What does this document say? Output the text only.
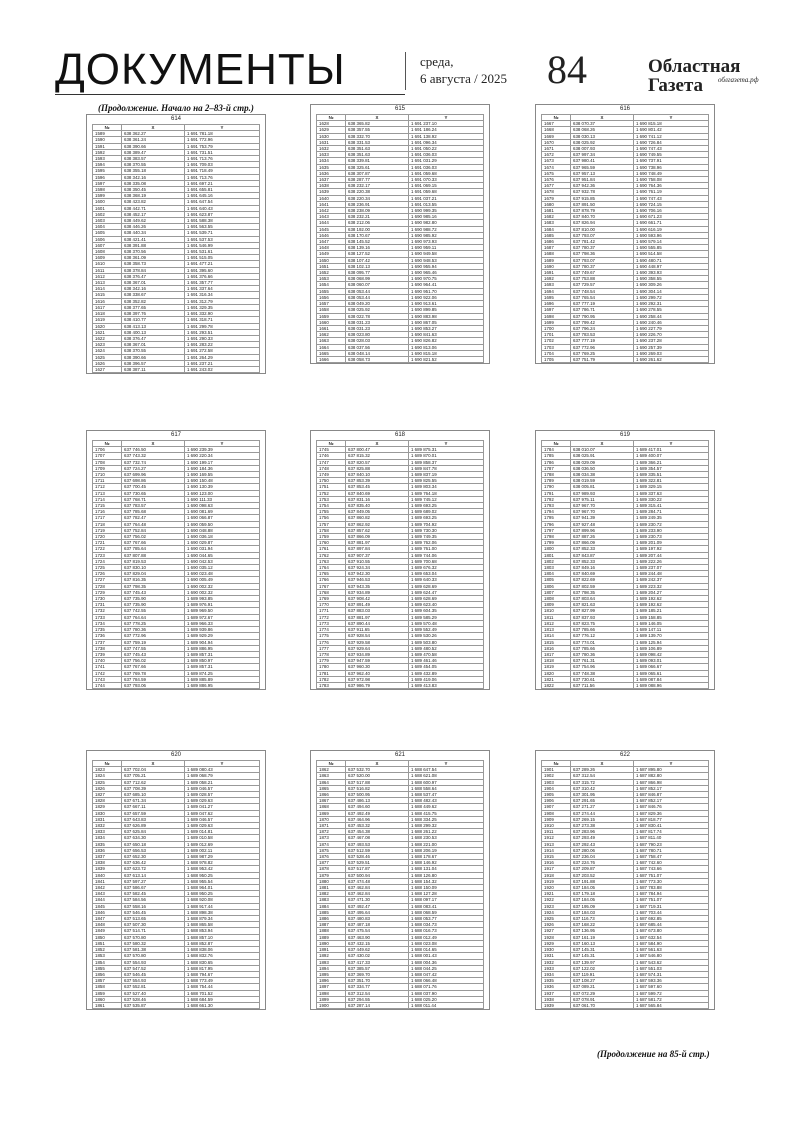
ДОКУМЕНТЫ	среда,
6 августа / 2025 84	Областная
Газета	облгазета.рф
(Продолжение. Начало на 2–83-й стр.)
(Продолжение на 85-й стр.)
614
№	X	Y
1589	638 362.27	1 691 781.18
1590	638 361.24	1 691 772.96
1591	638 390.66	1 691 753.79
1592	638 389.47	1 691 731.51
1593	638 383.57	1 691 713.76
1594	638 370.55	1 691 709.03
1595	638 355.18	1 691 718.49
1596	638 342.16	1 691 713.76
1597	638 335.08	1 691 697.21
1598	638 350.45	1 691 655.81
1599	638 368.19	1 691 645.16
1600	638 423.82	1 691 647.54
1601	638 442.71	1 691 640.43
1602	638 452.17	1 691 623.87
1603	638 449.62	1 691 588.38
1604	638 446.26	1 691 563.55
1605	638 440.34	1 691 539.71
1606	638 421.41	1 691 537.53
1607	638 391.88	1 691 546.99
1608	638 370.56	1 691 531.61
1609	638 361.09	1 691 515.05
1610	638 358.73	1 691 477.21
1611	638 378.84	1 691 395.60
1612	638 376.47	1 691 376.66
1613	638 367.01	1 691 357.77
1614	638 342.16	1 691 337.64
1615	638 338.67	1 691 316.34
1616	638 352.82	1 691 312.79
1617	638 377.65	1 691 329.35
1618	638 397.76	1 691 332.90
1619	638 410.77	1 691 318.71
1620	638 413.13	1 691 299.78
1621	638 400.13	1 691 293.51
1622	638 376.47	1 691 290.33
1623	638 367.01	1 691 283.22
1624	638 370.55	1 691 272.58
1625	638 390.66	1 691 264.29
1626	638 396.57	1 691 237.21
1627	638 387.11	1 691 243.02
615
№	X	Y
1628	638 365.82	1 691 237.10
1629	638 357.55	1 691 186.24
1630	638 332.70	1 691 138.92
1631	638 331.53	1 691 096.34
1632	638 351.63	1 691 050.22
1633	638 351.63	1 691 036.03
1634	638 339.81	1 691 031.29
1635	638 325.61	1 691 036.03
1636	638 307.87	1 691 059.68
1637	638 287.77	1 691 070.33
1638	638 232.17	1 691 069.15
1639	638 220.38	1 691 059.68
1640	638 220.34	1 691 037.21
1641	638 236.91	1 691 013.55
1642	638 238.09	1 690 999.35
1643	638 232.21	1 690 985.16
1644	638 212.06	1 690 982.80
1645	638 192.00	1 690 988.72
1646	638 170.67	1 690 985.92
1647	638 145.52	1 690 973.93
1648	638 139.16	1 690 959.11
1649	638 127.52	1 690 949.58
1650	638 107.42	1 690 948.53
1651	638 102.13	1 690 955.94
1652	638 095.77	1 690 965.46
1653	638 068.99	1 690 970.75
1654	638 060.07	1 690 964.41
1655	638 053.44	1 690 951.70
1656	638 053.44	1 690 922.06
1657	638 049.20	1 690 913.61
1658	638 025.92	1 690 899.85
1659	638 022.78	1 690 883.98
1660	638 031.23	1 690 867.05
1661	638 031.23	1 690 853.27
1662	638 023.80	1 690 841.63
1663	638 028.03	1 690 826.82
1664	638 037.56	1 690 813.06
1665	638 048.14	1 690 815.18
1666	638 058.73	1 690 821.52
616
№	X	Y
1667	638 070.37	1 690 815.18
1668	638 068.26	1 690 801.42
1669	638 030.13	1 690 741.12
1670	638 025.92	1 690 726.84
1671	638 007.93	1 690 747.43
1672	637 997.34	1 690 749.55
1673	637 980.41	1 690 737.91
1674	637 965.59	1 690 738.96
1675	637 957.13	1 690 748.49
1676	637 951.84	1 690 758.08
1677	637 942.36	1 690 764.36
1678	637 932.78	1 690 761.19
1679	637 915.85	1 690 747.43
1680	637 891.50	1 690 724.15
1681	637 878.79	1 690 706.16
1682	637 840.70	1 690 671.23
1683	637 826.94	1 690 661.71
1684	637 810.00	1 690 616.19
1685	637 793.07	1 690 593.96
1686	637 781.42	1 690 579.14
1687	637 780.37	1 690 555.85
1688	637 798.36	1 690 514.58
1689	637 793.07	1 690 480.71
1690	637 780.37	1 690 448.97
1691	637 749.67	1 690 393.93
1692	637 753.88	1 690 358.55
1693	637 729.57	1 690 309.26
1694	637 748.54	1 690 304.14
1695	637 765.54	1 690 299.72
1696	637 777.19	1 690 292.31
1697	637 786.71	1 690 278.55
1698	637 790.95	1 690 258.44
1699	637 799.42	1 690 240.46
1700	637 796.24	1 690 227.79
1701	637 783.53	1 690 226.70
1702	637 777.19	1 690 237.28
1703	637 772.96	1 690 257.39
1704	637 769.25	1 690 269.03
1705	637 751.79	1 690 261.62
617
№	X	Y
1706	637 746.50	1 690 239.39
1707	637 743.32	1 690 220.34
1708	637 732.74	1 690 199.17
1709	637 724.27	1 690 184.36
1710	637 699.96	1 690 169.55
1711	637 698.86	1 690 150.48
1712	637 700.45	1 690 130.39
1713	637 730.65	1 690 123.00
1714	637 768.71	1 690 111.33
1715	637 783.57	1 690 098.63
1716	637 785.68	1 690 081.69
1717	637 782.47	1 690 066.87
1718	637 764.48	1 690 059.50
1719	637 752.84	1 690 048.88
1720	637 756.02	1 690 036.18
1721	637 767.66	1 690 029.87
1722	637 785.64	1 690 031.94
1723	637 807.88	1 690 044.65
1724	637 819.53	1 690 042.53
1725	637 830.10	1 690 035.12
1726	637 829.04	1 690 023.48
1727	637 816.35	1 690 005.49
1728	637 798.35	1 690 002.32
1729	637 745.43	1 690 002.32
1730	637 735.90	1 689 993.85
1731	637 735.90	1 689 976.91
1732	637 742.55	1 689 969.50
1733	637 764.64	1 689 972.67
1734	637 778.25	1 689 966.33
1735	637 780.36	1 689 939.86
1736	637 772.96	1 689 929.29
1737	637 759.19	1 689 904.94
1738	637 747.55	1 689 886.95
1739	637 745.43	1 689 857.31
1740	637 756.02	1 689 850.97
1741	637 767.66	1 689 857.31
1742	637 769.78	1 689 874.25
1743	637 784.59	1 689 885.89
1744	637 793.06	1 689 886.95
618
№	X	Y
1745	637 800.47	1 689 875.31
1746	637 815.32	1 689 870.01
1747	637 820.57	1 689 858.37
1748	637 825.88	1 689 847.78
1749	637 840.10	1 689 837.19
1750	637 853.39	1 689 825.55
1751	637 853.45	1 689 803.34
1752	637 840.69	1 689 764.18
1753	637 831.16	1 689 745.12
1754	637 835.40	1 689 693.25
1755	637 849.05	1 689 689.02
1756	637 860.82	1 689 693.25
1757	637 862.92	1 689 704.92
1758	637 857.62	1 689 730.30
1759	637 866.09	1 689 749.35
1760	637 881.97	1 689 762.06
1761	637 897.84	1 689 761.00
1762	637 907.37	1 689 744.06
1763	637 910.55	1 689 700.68
1764	637 924.34	1 689 676.32
1765	637 942.30	1 689 653.04
1766	637 946.53	1 689 640.33
1767	637 943.35	1 689 628.69
1768	637 934.89	1 689 624.47
1769	637 908.42	1 689 628.69
1770	637 891.49	1 689 623.40
1771	637 883.03	1 689 604.35
1772	637 881.97	1 689 585.29
1773	637 890.44	1 689 570.48
1774	637 911.65	1 689 552.49
1775	637 928.54	1 689 530.26
1776	637 929.58	1 689 503.80
1777	637 929.64	1 689 480.52
1778	637 934.89	1 689 470.58
1779	637 947.59	1 689 461.46
1780	637 960.30	1 689 454.05
1781	637 962.40	1 689 432.89
1782	637 972.98	1 689 419.06
1783	637 986.79	1 689 413.83
619
№	X	Y
1784	638 010.07	1 689 417.01
1785	638 025.91	1 689 400.07
1786	638 029.09	1 689 366.21
1787	638 036.50	1 689 354.57
1788	638 034.38	1 689 335.51
1789	638 019.59	1 689 322.81
1790	638 005.81	1 689 329.15
1791	637 989.93	1 689 337.63
1792	637 975.11	1 689 330.22
1793	637 967.70	1 689 315.41
1794	637 967.70	1 689 284.71
1795	637 941.39	1 689 249.35
1796	637 927.48	1 689 230.72
1797	637 899.96	1 689 233.90
1798	637 887.26	1 689 230.73
1799	637 866.09	1 689 201.09
1800	637 852.33	1 689 197.92
1801	637 843.87	1 689 207.44
1802	637 852.33	1 689 222.26
1803	637 849.16	1 689 237.07
1804	637 840.69	1 689 244.48
1805	637 822.69	1 689 242.37
1806	637 802.59	1 689 223.32
1807	637 798.35	1 689 204.27
1808	637 803.64	1 689 192.62
1809	637 821.63	1 689 192.62
1810	637 827.99	1 689 185.21
1811	637 837.93	1 689 158.85
1812	637 823.75	1 689 146.05
1813	637 785.66	1 689 147.11
1814	637 776.12	1 689 139.70
1815	637 774.01	1 689 125.94
1816	637 785.66	1 689 106.89
1817	637 780.36	1 689 098.42
1818	637 761.31	1 689 093.01
1819	637 754.96	1 689 066.67
1820	637 748.38	1 689 065.61
1821	637 730.61	1 689 087.84
1822	637 711.56	1 689 088.96
620
№	X	Y
1823	637 702.04	1 689 080.43
1824	637 705.21	1 689 068.79
1825	637 712.62	1 689 058.21
1826	637 708.39	1 689 046.57
1827	637 685.10	1 689 028.57
1828	637 671.34	1 689 029.63
1829	637 667.11	1 689 041.27
1830	637 657.59	1 689 047.62
1831	637 643.83	1 689 046.57
1832	637 626.89	1 689 029.63
1833	637 625.84	1 689 014.81
1834	637 634.30	1 689 010.58
1835	637 650.18	1 689 012.69
1836	637 656.53	1 689 002.11
1837	637 652.30	1 688 987.29
1838	637 636.42	1 688 978.82
1839	637 623.72	1 688 953.42
1840	637 613.14	1 688 950.25
1841	637 597.27	1 688 955.54
1842	637 586.67	1 688 964.01
1843	637 582.45	1 688 950.25
1844	637 584.56	1 688 920.08
1845	637 558.16	1 688 917.44
1846	637 546.45	1 688 898.38
1847	637 513.65	1 688 879.34
1848	637 507.30	1 688 865.58
1849	637 514.71	1 688 853.94
1850	637 570.80	1 688 857.10
1851	637 580.32	1 688 852.87
1852	637 581.38	1 688 838.06
1853	637 570.80	1 688 832.76
1854	637 554.93	1 688 830.65
1855	637 547.52	1 688 817.95
1856	637 546.45	1 688 794.67
1857	637 554.93	1 688 773.49
1858	637 552.81	1 688 754.44
1859	637 527.40	1 688 701.52
1860	637 528.46	1 688 684.59
1861	637 535.87	1 688 661.30
621
№	X	Y
1862	637 532.70	1 688 647.54
1863	637 520.00	1 688 621.08
1864	637 517.88	1 688 600.97
1865	637 516.82	1 688 558.64
1866	637 500.95	1 688 537.47
1867	637 486.13	1 688 482.43
1868	637 494.60	1 688 449.62
1869	637 492.49	1 688 415.75
1870	637 464.96	1 688 334.25
1871	637 453.32	1 688 299.32
1872	637 454.38	1 688 261.22
1873	637 467.08	1 688 230.53
1874	637 493.53	1 688 221.00
1875	637 512.59	1 688 206.19
1876	637 528.46	1 688 178.67
1877	637 529.51	1 688 146.92
1878	637 517.87	1 688 131.04
1879	637 500.94	1 688 126.80
1880	637 474.48	1 688 154.32
1881	637 462.84	1 688 150.09
1882	637 462.84	1 688 127.28
1883	637 471.30	1 688 097.17
1884	637 492.47	1 688 083.41
1885	637 495.64	1 688 068.59
1886	637 480.83	1 688 053.77
1887	637 487.18	1 688 034.73
1888	637 475.54	1 688 016.73
1889	637 463.90	1 688 012.49
1890	637 432.15	1 688 023.08
1891	637 449.62	1 688 014.65
1892	637 430.02	1 688 001.43
1893	637 417.33	1 688 004.36
1894	637 385.57	1 688 044.25
1895	637 369.70	1 688 047.42
1896	637 351.70	1 688 066.48
1897	637 334.77	1 688 071.76
1898	637 312.54	1 688 037.90
1899	637 294.55	1 688 025.20
1900	637 287.14	1 688 011.44
622
№	X	Y
1901	637 289.26	1 687 895.80
1902	637 312.54	1 687 882.80
1903	637 315.72	1 687 866.98
1904	637 310.42	1 687 852.17
1905	637 301.95	1 687 846.87
1906	637 291.65	1 687 852.17
1907	637 271.27	1 687 846.76
1908	637 274.44	1 687 829.36
1909	637 269.15	1 687 818.77
1910	637 273.38	1 687 830.41
1911	637 283.96	1 687 817.74
1912	637 293.49	1 687 811.40
1913	637 292.43	1 687 790.23
1914	637 280.06	1 687 780.71
1915	637 236.04	1 687 758.47
1916	637 224.76	1 687 742.60
1917	637 209.87	1 687 743.66
1918	637 203.52	1 687 751.07
1919	637 191.88	1 687 773.30
1920	637 184.05	1 687 783.88
1921	637 179.18	1 687 784.94
1922	637 184.05	1 687 751.07
1923	637 195.09	1 687 719.31
1924	637 184.03	1 687 703.44
1925	637 116.73	1 687 692.85
1926	637 168.22	1 687 685.44
1927	637 136.95	1 687 673.80
1928	637 161.19	1 687 632.54
1929	637 160.13	1 687 584.90
1930	637 145.31	1 687 561.63
1931	637 145.31	1 687 546.80
1932	637 139.97	1 687 543.62
1933	637 122.02	1 687 551.03
1934	637 119.91	1 687 574.31
1935	637 108.27	1 687 593.36
1936	637 089.21	1 687 597.60
1937	637 072.29	1 687 599.72
1938	637 078.91	1 687 581.72
1939	637 061.70	1 687 565.84
